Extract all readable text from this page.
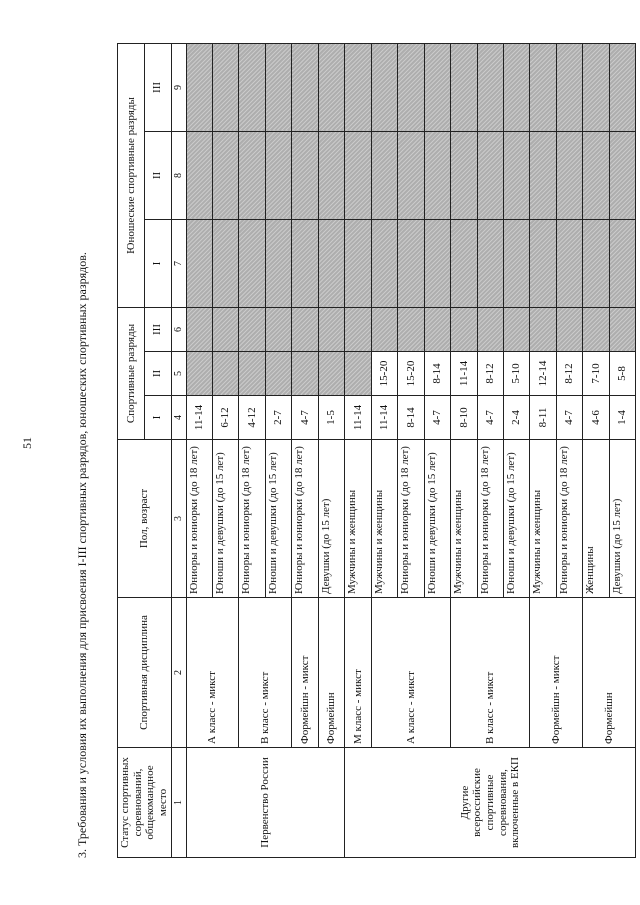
51	3. Требования и условия их выполнения для присвоения I-III спортивных разрядов, юношеских спортивных разрядов.	Статус спортивных соревнований, общекомандное место	Спортивная дисциплина	Пол, возраст	Спортивные разряды			Юношеские спортивные разряды		
			I	II	III	I	II	III
1	2	3	4	5	6	7	8	9
Первенство России	А класс - микст	Юниоры и юниорки (до 18 лет)	11-14					
		Юноши и девушки (до 15 лет)	6-12					
	В класс - микст	Юниоры и юниорки (до 18 лет)	4-12					
		Юноши и девушки (до 15 лет)	2-7					
	Формейшн - микст	Юниоры и юниорки (до 18 лет)	4-7					
	Формейшн	Девушки (до 15 лет)	1-5					
Другие всероссийские спортивные соревнования, включенные в ЕКП	М класс - микст	Мужчины и женщины	11-14					
	А класс - микст	Мужчины и женщины	11-14	15-20				
		Юниоры и юниорки (до 18 лет)	8-14	15-20				
		Юноши и девушки (до 15 лет)	4-7	8-14				
	В класс - микст	Мужчины и женщины	8-10	11-14				
		Юниоры и юниорки (до 18 лет)	4-7	8-12				
		Юноши и девушки (до 15 лет)	2-4	5-10				
	Формейшн - микст	Мужчины и женщины	8-11	12-14				
		Юниоры и юниорки (до 18 лет)	4-7	8-12				
	Формейшн	Женщины	4-6	7-10				
		Девушки (до 15 лет)	1-4	5-8				
